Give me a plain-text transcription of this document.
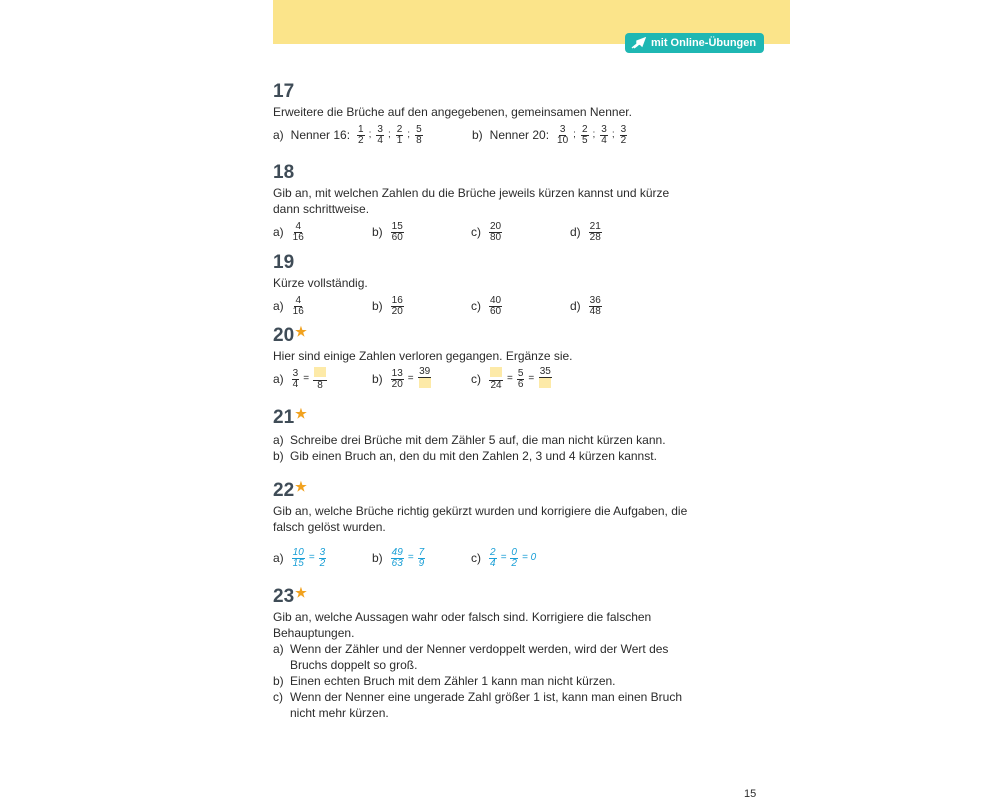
mit Online-Übungen
17
Erweitere die Brüche auf den angegebenen, gemeinsamen Nenner.
a) Nenner 16: $\frac{1}{2}$ ; $\frac{3}{4}$ ; $\frac{2}{1}$ ; $\frac{5}{8}$	b) Nenner 20: $\frac{3}{10}$ ; $\frac{2}{5}$ ; $\frac{3}{4}$ ; $\frac{3}{2}$
18
Gib an, mit welchen Zahlen du die Brüche jeweils kürzen kannst und kürze dann schrittweise.
$a) \frac{4}{16}$	$b) \frac{15}{60}$	$c) \frac{20}{80}$	$d) \frac{21}{28}$
19
Kürze vollständig.
$a) \frac{4}{16}$	$b) \frac{16}{20}$	$c) \frac{40}{60}$	$d) \frac{36}{48}$
20 ★
Hier sind einige Zahlen verloren gegangen. Ergänze sie.
$a) \frac{3}{4}$ =
8	$b) \frac{13}{20}$ =
39
c) 24
= $\frac{5}{6}$ =
35
21 ★
a) Schreibe drei Brüche mit dem Zähler 5 auf, die man nicht kürzen kann.
b) Gib einen Bruch an, den du mit den Zahlen 2, 3 und 4 kürzen kannst.
22 ★
Gib an, welche Brüche richtig gekürzt wurden und korrigiere die Aufgaben, die falsch gelöst wurden.
$a) \frac{10}{15} = \frac{3}{2}$	$b) \frac{49}{63} = \frac{7}{9}$	$c) \frac{2}{4} = \frac{0}{2} = 0$
23 ★
Gib an, welche Aussagen wahr oder falsch sind. Korrigiere die falschen Behauptungen.
a) Wenn der Zähler und der Nenner verdoppelt werden, wird der Wert des Bruchs doppelt so groß.
b) Einen echten Bruch mit dem Zähler 1 kann man nicht kürzen.
c) Wenn der Nenner eine ungerade Zahl größer 1 ist, kann man einen Bruch nicht mehr kürzen.
15
